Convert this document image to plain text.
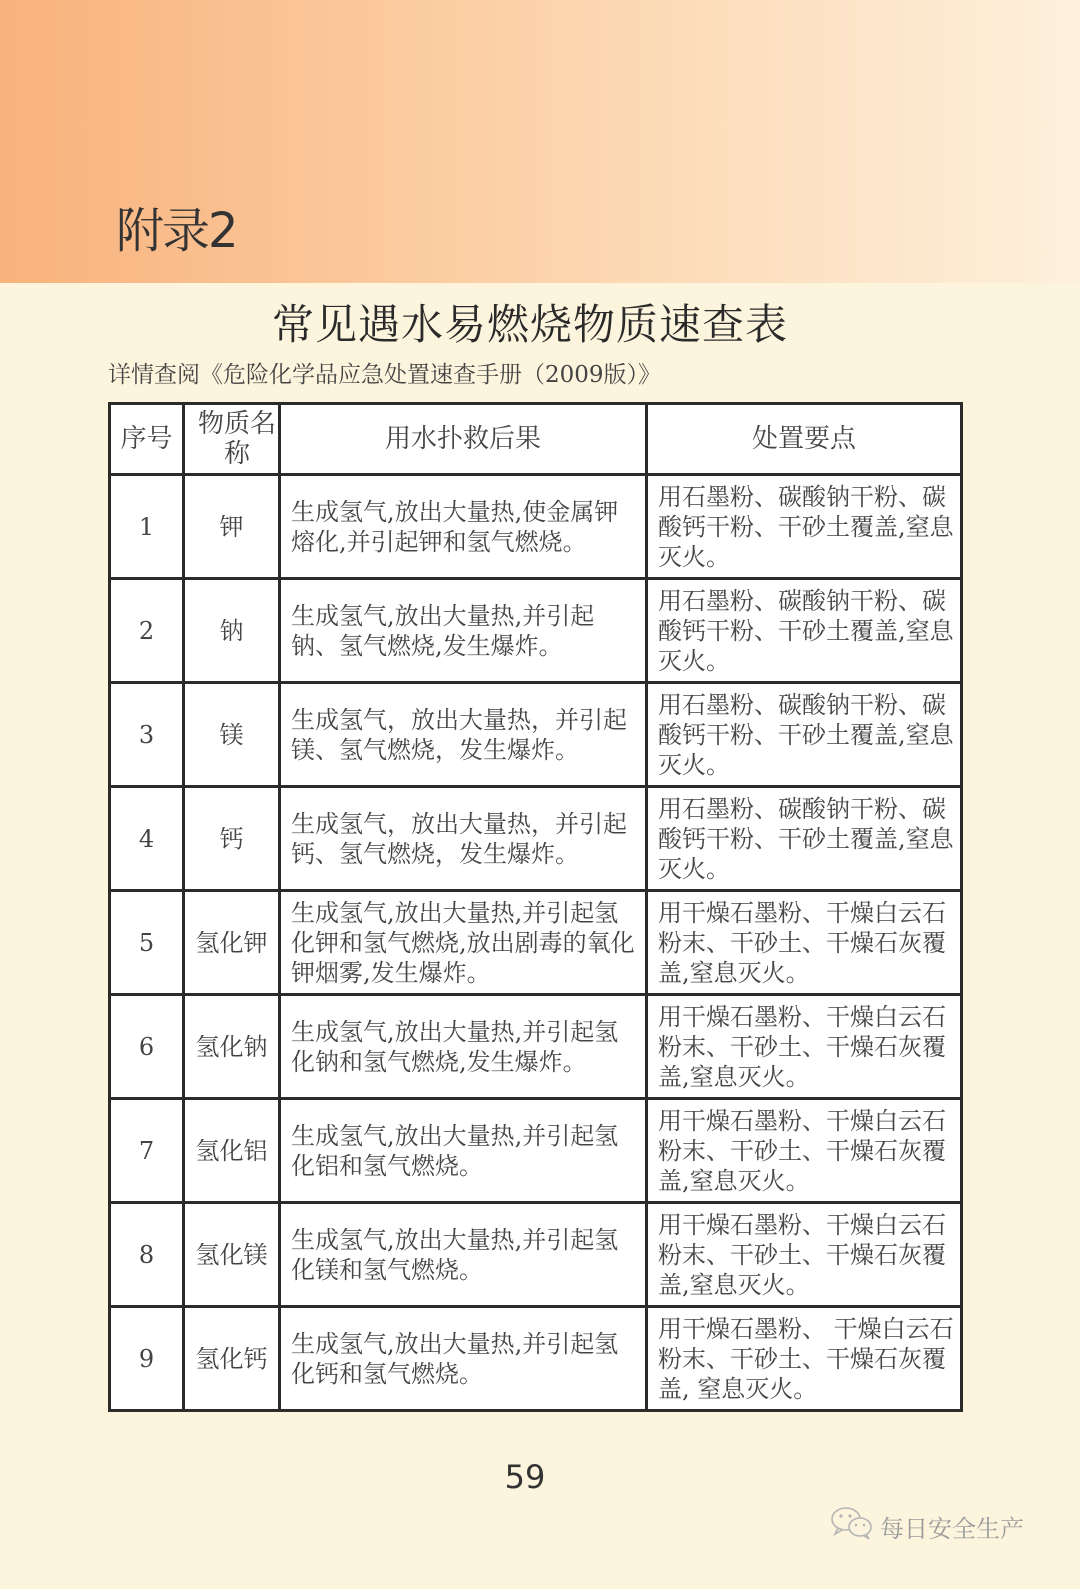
附录2
常见遇水易燃烧物质速查表
详情查阅《危险化学品应急处置速查手册（2009版）》
序号	物质名称	用水扑救后果	处置要点
1	钾	生成氢气,放出大量热,使金属钾熔化,并引起钾和氢气燃烧。	用石墨粉、碳酸钠干粉、碳酸钙干粉、干砂土覆盖,窒息灭火。
2	钠	生成氢气,放出大量热,并引起钠、氢气燃烧,发生爆炸。	用石墨粉、碳酸钠干粉、碳酸钙干粉、干砂土覆盖,窒息灭火。
3	镁	生成氢气，放出大量热，并引起镁、氢气燃烧，发生爆炸。	用石墨粉、碳酸钠干粉、碳酸钙干粉、干砂土覆盖,窒息灭火。
4	钙	生成氢气，放出大量热，并引起钙、氢气燃烧，发生爆炸。	用石墨粉、碳酸钠干粉、碳酸钙干粉、干砂土覆盖,窒息灭火。
5	氢化钾	生成氢气,放出大量热,并引起氢化钾和氢气燃烧,放出剧毒的氧化钾烟雾,发生爆炸。	用干燥石墨粉、干燥白云石粉末、干砂土、干燥石灰覆盖,窒息灭火。
6	氢化钠	生成氢气,放出大量热,并引起氢化钠和氢气燃烧,发生爆炸。	用干燥石墨粉、干燥白云石粉末、干砂土、干燥石灰覆盖,窒息灭火。
7	氢化铝	生成氢气,放出大量热,并引起氢化铝和氢气燃烧。	用干燥石墨粉、干燥白云石粉末、干砂土、干燥石灰覆盖,窒息灭火。
8	氢化镁	生成氢气,放出大量热,并引起氢化镁和氢气燃烧。	用干燥石墨粉、干燥白云石粉末、干砂土、干燥石灰覆盖,窒息灭火。
9	氢化钙	生成氢气,放出大量热,并引起氢化钙和氢气燃烧。	用干燥石墨粉、 干燥白云石粉末、干砂土、干燥石灰覆盖, 窒息灭火。
59
每日安全生产
